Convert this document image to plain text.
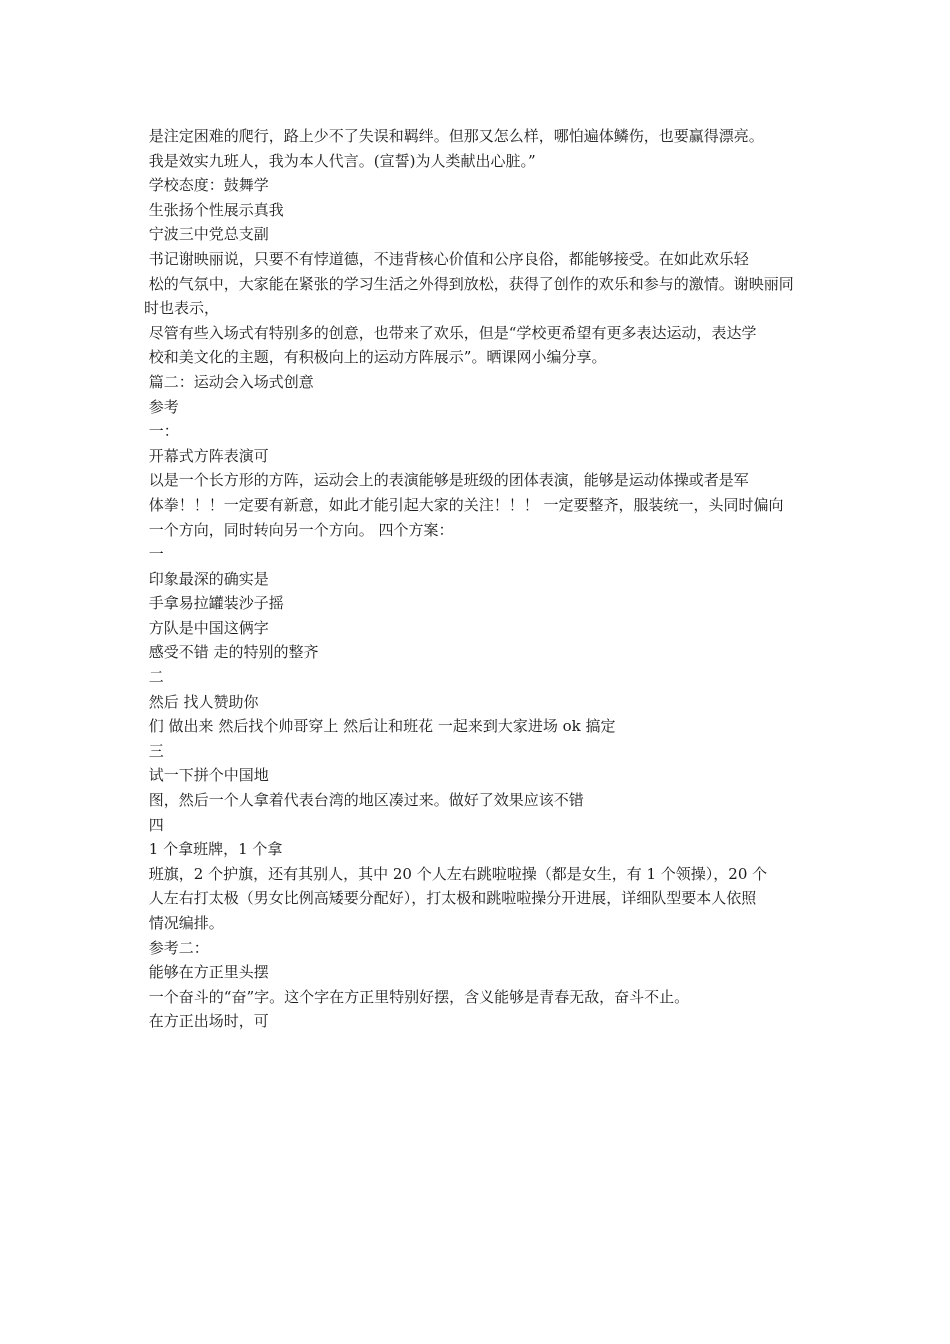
是注定困难的爬行，路上少不了失误和羁绊。但那又怎么样，哪怕遍体鳞伤，也要赢得漂亮。

我是效实九班人，我为本人代言。(宣誓)为人类献出心脏。”

学校态度：鼓舞学

生张扬个性展示真我

宁波三中党总支副

书记谢映丽说，只要不有悖道德，不违背核心价值和公序良俗，都能够接受。在如此欢乐轻

松的气氛中，大家能在紧张的学习生活之外得到放松，获得了创作的欢乐和参与的激情。谢映丽同时也表示，

尽管有些入场式有特别多的创意，也带来了欢乐，但是“学校更希望有更多表达运动，表达学

校和美文化的主题，有积极向上的运动方阵展示”。晒课网小编分享。

篇二：运动会入场式创意

参考

一：

开幕式方阵表演可

以是一个长方形的方阵，运动会上的表演能够是班级的团体表演，能够是运动体操或者是军

体拳！！！一定要有新意，如此才能引起大家的关注！！！ 一定要整齐，服装统一，头同时偏向

一个方向，同时转向另一个方向。 四个方案：

一

印象最深的确实是

手拿易拉罐装沙子摇

方队是中国这俩字

感受不错 走的特别的整齐

二

然后 找人赞助你

们 做出来 然后找个帅哥穿上 然后让和班花 一起来到大家进场 ok 搞定

三

试一下拼个中国地

图，然后一个人拿着代表台湾的地区凑过来。做好了效果应该不错

四

1 个拿班牌，1 个拿

班旗，2 个护旗，还有其别人，其中 20 个人左右跳啦啦操（都是女生，有 1 个领操），20 个

人左右打太极（男女比例高矮要分配好），打太极和跳啦啦操分开进展，详细队型要本人依照

情况编排。

参考二：

能够在方正里头摆

一个奋斗的“奋”字。这个字在方正里特别好摆，含义能够是青春无敌，奋斗不止。

在方正出场时，可
